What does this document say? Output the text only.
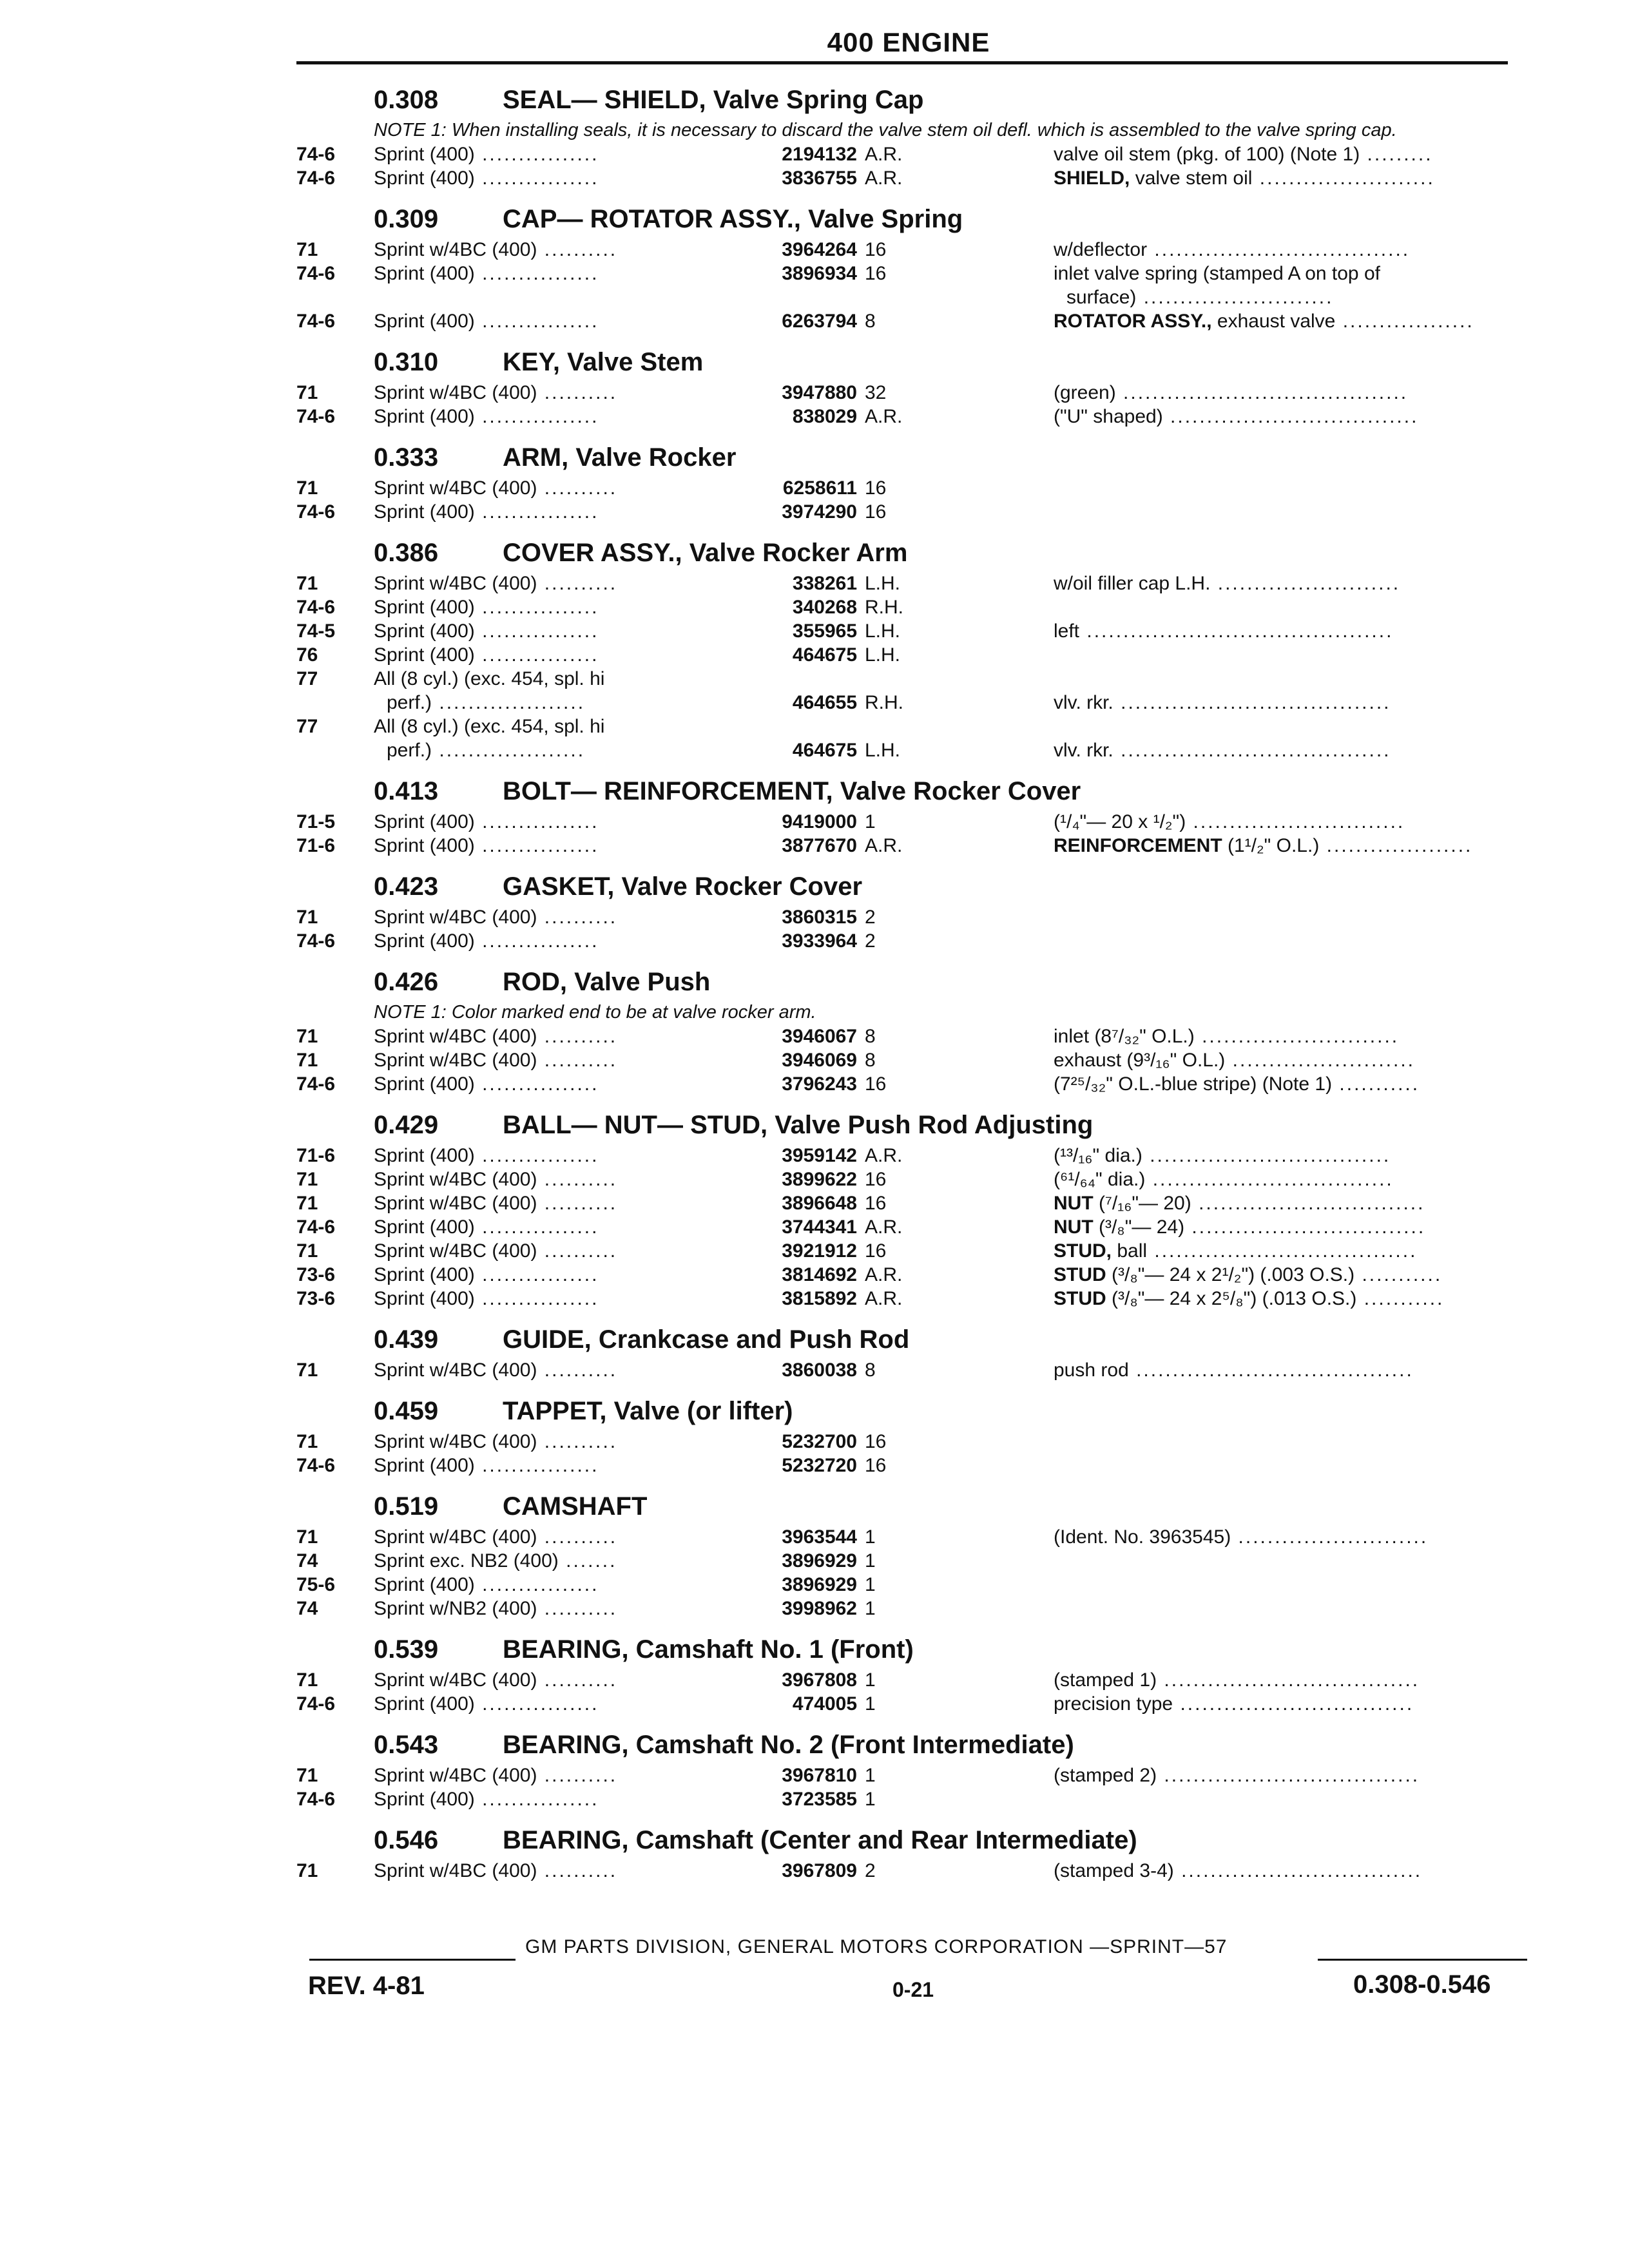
400 ENGINE
0.308	SEAL— SHIELD, Valve Spring Cap
NOTE 1: When installing seals, it is necessary to discard the valve stem oil defl. which is assembled to the valve spring cap.
74-6	Sprint (400) ................	2194132 A.R.	valve oil stem (pkg. of 100) (Note 1) .........
74-6	Sprint (400) ................	3836755 A.R.	SHIELD, valve stem oil ........................
0.309	CAP— ROTATOR ASSY., Valve Spring
71	Sprint w/4BC (400) ..........	3964264 16	w/deflector ...................................
74-6	Sprint (400) ................	3896934 16	inlet valve spring (stamped A on top of
surface) ..........................
74-6	Sprint (400) ................	6263794 8	ROTATOR ASSY., exhaust valve ..................
0.310	KEY, Valve Stem
71	Sprint w/4BC (400) ..........	3947880 32	(green) .......................................
74-6	Sprint (400) ................	838029 A.R.	("U" shaped) ..................................
0.333	ARM, Valve Rocker
71	Sprint w/4BC (400) ..........	6258611 16
74-6	Sprint (400) ................	3974290 16
0.386	COVER ASSY., Valve Rocker Arm
71	Sprint w/4BC (400) ..........	338261 L.H.	w/oil filler cap L.H. .........................
74-6	Sprint (400) ................	340268 R.H.
74-5	Sprint (400) ................	355965 L.H.	left ..........................................
76	Sprint (400) ................	464675 L.H.
77	All (8 cyl.) (exc. 454, spl. hi
perf.) ....................	464655 R.H.	vlv. rkr. .....................................
77	All (8 cyl.) (exc. 454, spl. hi
perf.) ....................	464675 L.H.	vlv. rkr. .....................................
0.413	BOLT— REINFORCEMENT, Valve Rocker Cover
71-5	Sprint (400) ................	9419000 1	(¹/₄"— 20 x ¹/₂") .............................
71-6	Sprint (400) ................	3877670 A.R.	REINFORCEMENT (1¹/₂" O.L.) ....................
0.423	GASKET, Valve Rocker Cover
71	Sprint w/4BC (400) ..........	3860315 2
74-6	Sprint (400) ................	3933964 2
0.426	ROD, Valve Push
NOTE 1: Color marked end to be at valve rocker arm.
71	Sprint w/4BC (400) ..........	3946067 8	inlet (8⁷/₃₂" O.L.) ...........................
71	Sprint w/4BC (400) ..........	3946069 8	exhaust (9³/₁₆" O.L.) .........................
74-6	Sprint (400) ................	3796243 16	(7²⁵/₃₂" O.L.-blue stripe) (Note 1) ...........
0.429	BALL— NUT— STUD, Valve Push Rod Adjusting
71-6	Sprint (400) ................	3959142 A.R.	(¹³/₁₆" dia.) .................................
71	Sprint w/4BC (400) ..........	3899622 16	(⁶¹/₆₄" dia.) .................................
71	Sprint w/4BC (400) ..........	3896648 16	NUT (⁷/₁₆"— 20) ...............................
74-6	Sprint (400) ................	3744341 A.R.	NUT (³/₈"— 24) ................................
71	Sprint w/4BC (400) ..........	3921912 16	STUD, ball ....................................
73-6	Sprint (400) ................	3814692 A.R.	STUD (³/₈"— 24 x 2¹/₂") (.003 O.S.) ...........
73-6	Sprint (400) ................	3815892 A.R.	STUD (³/₈"— 24 x 2⁵/₈") (.013 O.S.) ...........
0.439	GUIDE, Crankcase and Push Rod
71	Sprint w/4BC (400) ..........	3860038 8	push rod ......................................
0.459	TAPPET, Valve (or lifter)
71	Sprint w/4BC (400) ..........	5232700 16
74-6	Sprint (400) ................	5232720 16
0.519	CAMSHAFT
71	Sprint w/4BC (400) ..........	3963544 1	(Ident. No. 3963545) ..........................
74	Sprint exc. NB2 (400) .......	3896929 1
75-6	Sprint (400) ................	3896929 1
74	Sprint w/NB2 (400) ..........	3998962 1
0.539	BEARING, Camshaft No. 1 (Front)
71	Sprint w/4BC (400) ..........	3967808 1	(stamped 1) ...................................
74-6	Sprint (400) ................	474005 1	precision type ................................
0.543	BEARING, Camshaft No. 2 (Front Intermediate)
71	Sprint w/4BC (400) ..........	3967810 1	(stamped 2) ...................................
74-6	Sprint (400) ................	3723585 1
0.546	BEARING, Camshaft (Center and Rear Intermediate)
71	Sprint w/4BC (400) ..........	3967809 2	(stamped 3-4) .................................
GM PARTS DIVISION, GENERAL MOTORS CORPORATION —SPRINT—57
REV. 4-81	0-21	0.308-0.546
